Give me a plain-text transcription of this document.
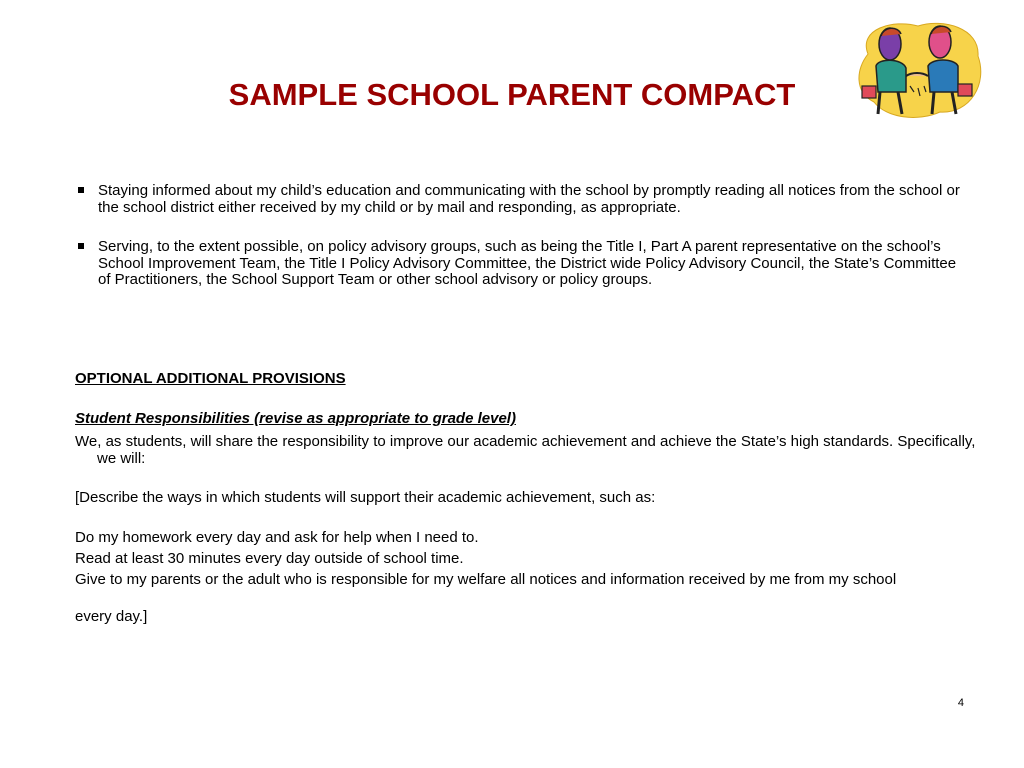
SAMPLE SCHOOL PARENT COMPACT
Staying informed about my child’s education and communicating with the school by promptly reading all notices from the school or the school district either received by my child or by mail and responding, as appropriate.
Serving, to the extent possible, on policy advisory groups, such as being the Title I, Part A parent representative on the school’s School Improvement Team, the Title I Policy Advisory Committee, the District wide Policy Advisory Council, the State’s Committee of Practitioners, the School Support Team or other school advisory or policy groups.

OPTIONAL ADDITIONAL PROVISIONS

Student Responsibilities (revise as appropriate to grade level)

We, as students, will share the responsibility to improve our academic achievement and achieve the State’s high standards. Specifically, we will:

[Describe the ways in which students will support their academic achievement, such as:

Do my homework every day and ask for help when I need to.

Read at least 30 minutes every day outside of school time.

Give to my parents or the adult who is responsible for my welfare all notices and information received by me from my school

every day.]

4
